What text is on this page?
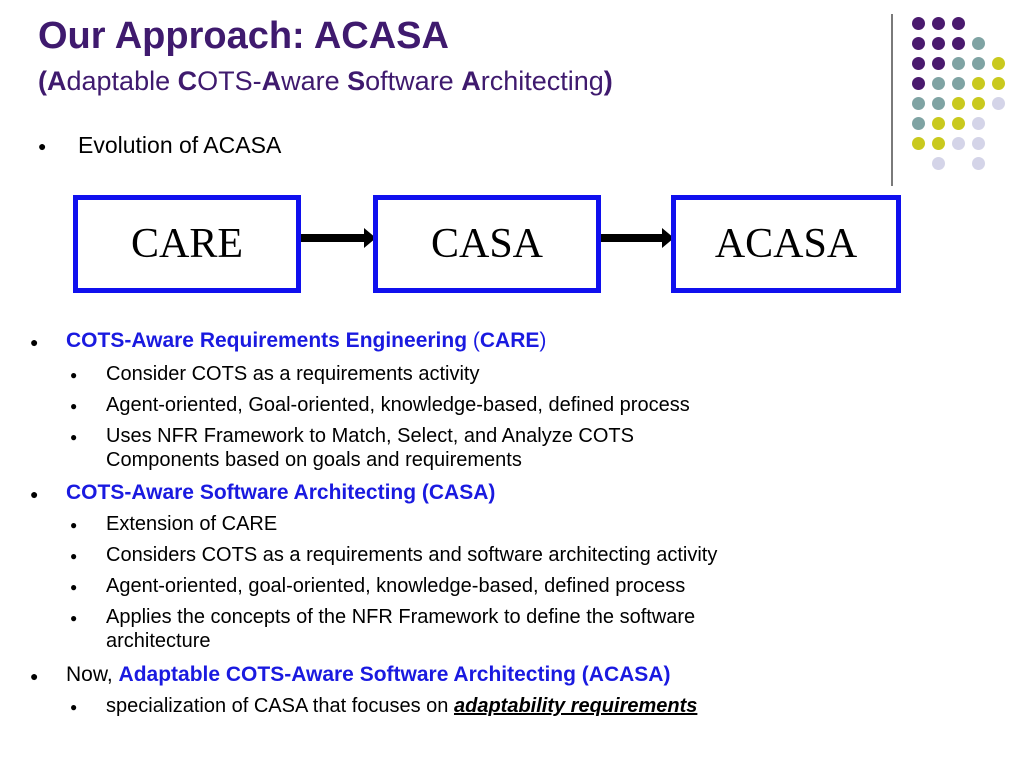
Our Approach: ACASA

(Adaptable COTS-Aware Software Architecting)

● Evolution of ACASA
CARE	CASA	ACASA
● COTS-Aware Requirements Engineering (CARE)
● Consider COTS as a requirements activity
● Agent-oriented, Goal-oriented, knowledge-based, defined process
● Uses NFR Framework to Match, Select, and Analyze COTS
Components based on goals and requirements
● COTS-Aware Software Architecting (CASA)
● Extension of CARE
● Considers COTS as a requirements and software architecting activity
● Agent-oriented, goal-oriented, knowledge-based, defined process
● Applies the concepts of the NFR Framework to define the software
architecture
● Now, Adaptable COTS-Aware Software Architecting (ACASA)
● specialization of CASA that focuses on adaptability requirements
